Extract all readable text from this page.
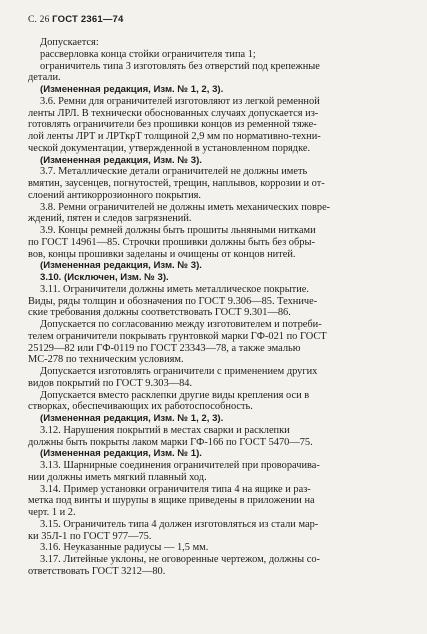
С. 26 ГОСТ 2361—74
Допускается:
рассверловка конца стойки ограничителя типа 1;
ограничитель типа 3 изготовлять без отверстий под крепежные
детали.
(Измененная редакция, Изм. № 1, 2, 3).
3.6. Ремни для ограничителей изготовляют из легкой ременной
ленты ЛРЛ. В технически обоснованных случаях допускается из-
готовлять ограничители без прошивки концов из ременной тяже-
лой ленты ЛРТ и ЛРТкрТ толщиной 2,9 мм по нормативно-техни-
ческой документации, утвержденной в установленном порядке.
(Измененная редакция, Изм. № 3).
3.7. Металлические детали ограничителей не должны иметь
вмятин, заусенцев, погнутостей, трещин, наплывов, коррозии и от-
слоений антикоррозионного покрытия.
3.8. Ремни ограничителей не должны иметь механических повре-
ждений, пятен и следов загрязнений.
3.9. Концы ремней должны быть прошиты льняными нитками
по ГОСТ 14961—85. Строчки прошивки должны быть без обры-
вов, концы прошивки заделаны и очищены от концов нитей.
(Измененная редакция, Изм. № 3).
3.10. (Исключен, Изм. № 3).
3.11. Ограничители должны иметь металлическое покрытие.
Виды, ряды толщин и обозначения по ГОСТ 9.306—85. Техниче-
ские требования должны соответствовать ГОСТ 9.301—86.
Допускается по согласованию между изготовителем и потреби-
телем ограничители покрывать грунтовкой марки ГФ-021 по ГОСТ
25129—82 или ГФ-0119 по ГОСТ 23343—78, а также эмалью
МС-278 по техническим условиям.
Допускается изготовлять ограничители с применением других
видов покрытий по ГОСТ 9.303—84.
Допускается вместо расклепки другие виды крепления оси в
створках, обеспечивающих их работоспособность.
(Измененная редакция, Изм. № 1, 2, 3).
3.12. Нарушения покрытий в местах сварки и расклепки
должны быть покрыты лаком марки ГФ-166 по ГОСТ 5470—75.
(Измененная редакция, Изм. № 1).
3.13. Шарнирные соединения ограничителей при проворачива-
нии должны иметь мягкий плавный ход.
3.14. Пример установки ограничителя типа 4 на ящике и раз-
метка под винты и шурупы в ящике приведены в приложении на
черт. 1 и 2.
3.15. Ограничитель типа 4 должен изготовляться из стали мар-
ки 35Л-1 по ГОСТ 977—75.
3.16. Неуказанные радиусы — 1,5 мм.
3.17. Литейные уклоны, не оговоренные чертежом, должны со-
ответствовать ГОСТ 3212—80.
